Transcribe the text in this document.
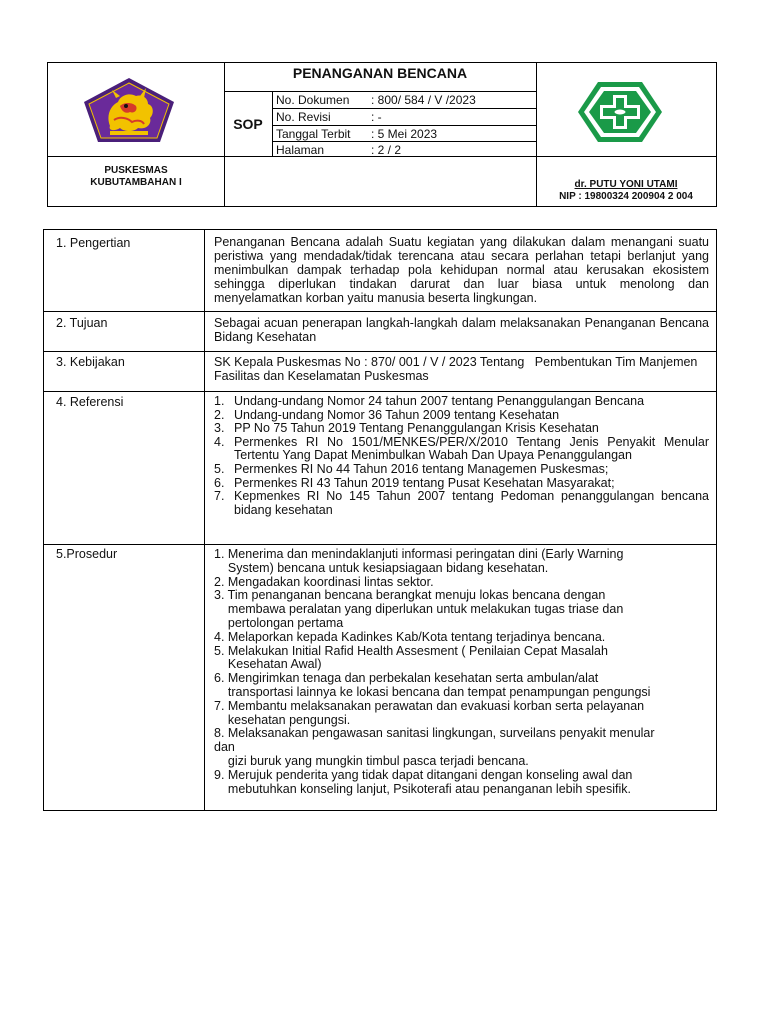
PENANGANAN BENCANA
SOP
No. Dokumen : 800/ 584 / V /2023
No. Revisi	: -
Tanggal Terbit : 5 Mei 2023
Halaman	: 2 / 2
PUSKESMAS
KUBUTAMBAHAN I	dr. PUTU YONI UTAMI
NIP : 19800324 200904 2 004
1. Pengertian	Penanganan Bencana adalah Suatu kegiatan yang dilakukan dalam menangani suatu peristiwa yang mendadak/tidak terencana atau secara perlahan tetapi berlanjut yang menimbulkan dampak terhadap pola kehidupan normal atau kerusakan ekosistem sehingga diperlukan tindakan darurat dan luar biasa untuk menolong dan menyelamatkan korban yaitu manusia beserta lingkungan.

2. Tujuan	Sebagai acuan penerapan langkah-langkah dalam melaksanakan Penanganan Bencana Bidang Kesehatan

3. Kebijakan	SK Kepala Puskesmas No : 870/ 001 / V / 2023 Tentang   Pembentukan Tim Manjemen Fasilitas dan Keselamatan Puskesmas

4. Referensi	1. Undang-undang Nomor 24 tahun 2007 tentang Penanggulangan Bencana
2. Undang-undang Nomor 36 Tahun 2009 tentang Kesehatan
3. PP No 75 Tahun 2019 Tentang Penanggulangan Krisis Kesehatan
4. Permenkes RI No 1501/MENKES/PER/X/2010 Tentang Jenis Penyakit Menular Tertentu Yang Dapat Menimbulkan Wabah Dan Upaya Penanggulangan
5. Permenkes RI No 44 Tahun 2016 tentang Managemen Puskesmas;
6. Permenkes RI 43 Tahun 2019 tentang Pusat Kesehatan Masyarakat;
7. Kepmenkes RI No 145 Tahun 2007 tentang Pedoman penanggulangan bencana bidang kesehatan
5.Prosedur	1. Menerima dan menindaklanjuti informasi peringatan dini (Early Warning
System) bencana untuk kesiapsiagaan bidang kesehatan.
2. Mengadakan koordinasi lintas sektor.
3. Tim penanganan bencana berangkat menuju lokas bencana dengan
membawa peralatan yang diperlukan untuk melakukan tugas triase dan
pertolongan pertama
4. Melaporkan kepada Kadinkes Kab/Kota tentang terjadinya bencana.
5. Melakukan Initial Rafid Health Assesment ( Penilaian Cepat Masalah
Kesehatan Awal)
6. Mengirimkan tenaga dan perbekalan kesehatan serta ambulan/alat
transportasi lainnya ke lokasi bencana dan tempat penampungan pengungsi
7. Membantu melaksanakan perawatan dan evakuasi korban serta pelayanan
kesehatan pengungsi.
8. Melaksanakan pengawasan sanitasi lingkungan, surveilans penyakit menular
dan
gizi buruk yang mungkin timbul pasca terjadi bencana.
9. Merujuk penderita yang tidak dapat ditangani dengan konseling awal dan
mebutuhkan konseling lanjut, Psikoterafi atau penanganan lebih spesifik.
